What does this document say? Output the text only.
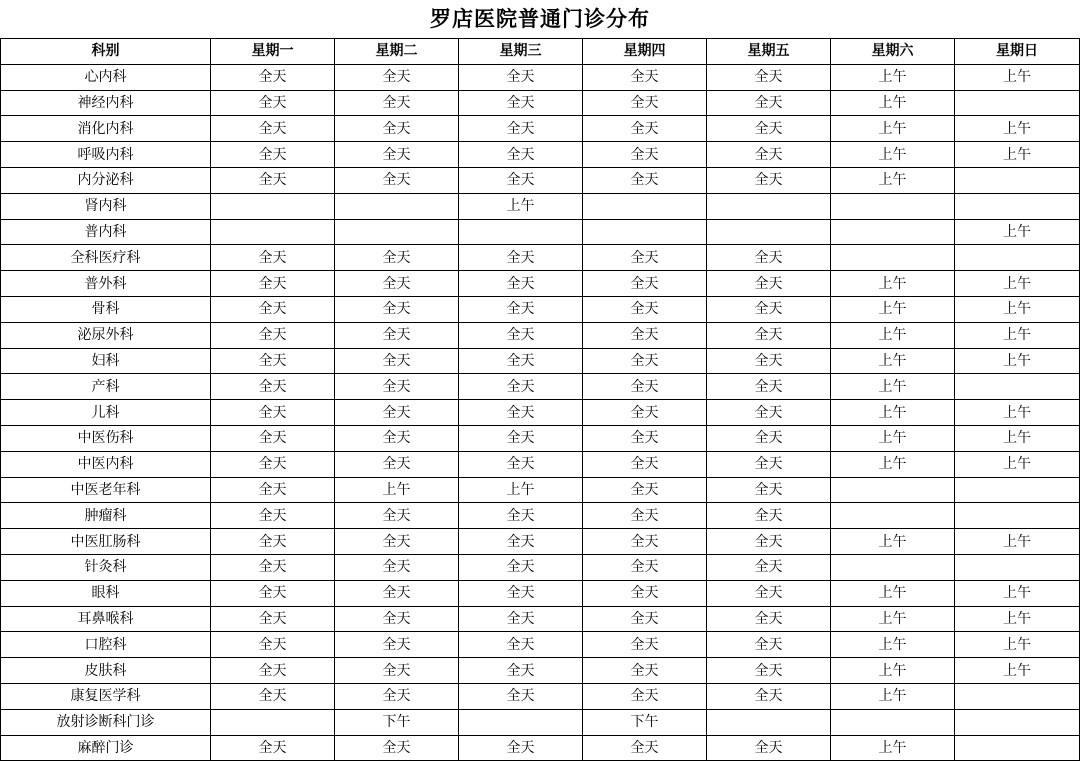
罗店医院普通门诊分布
科别	星期一	星期二	星期三	星期四	星期五	星期六	星期日
心内科	全天	全天	全天	全天	全天	上午	上午
神经内科	全天	全天	全天	全天	全天	上午	
消化内科	全天	全天	全天	全天	全天	上午	上午
呼吸内科	全天	全天	全天	全天	全天	上午	上午
内分泌科	全天	全天	全天	全天	全天	上午	
肾内科			上午				
普内科							上午
全科医疗科	全天	全天	全天	全天	全天		
普外科	全天	全天	全天	全天	全天	上午	上午
骨科	全天	全天	全天	全天	全天	上午	上午
泌尿外科	全天	全天	全天	全天	全天	上午	上午
妇科	全天	全天	全天	全天	全天	上午	上午
产科	全天	全天	全天	全天	全天	上午	
儿科	全天	全天	全天	全天	全天	上午	上午
中医伤科	全天	全天	全天	全天	全天	上午	上午
中医内科	全天	全天	全天	全天	全天	上午	上午
中医老年科	全天	上午	上午	全天	全天		
肿瘤科	全天	全天	全天	全天	全天		
中医肛肠科	全天	全天	全天	全天	全天	上午	上午
针灸科	全天	全天	全天	全天	全天		
眼科	全天	全天	全天	全天	全天	上午	上午
耳鼻喉科	全天	全天	全天	全天	全天	上午	上午
口腔科	全天	全天	全天	全天	全天	上午	上午
皮肤科	全天	全天	全天	全天	全天	上午	上午
康复医学科	全天	全天	全天	全天	全天	上午	
放射诊断科门诊		下午		下午			
麻醉门诊	全天	全天	全天	全天	全天	上午	
